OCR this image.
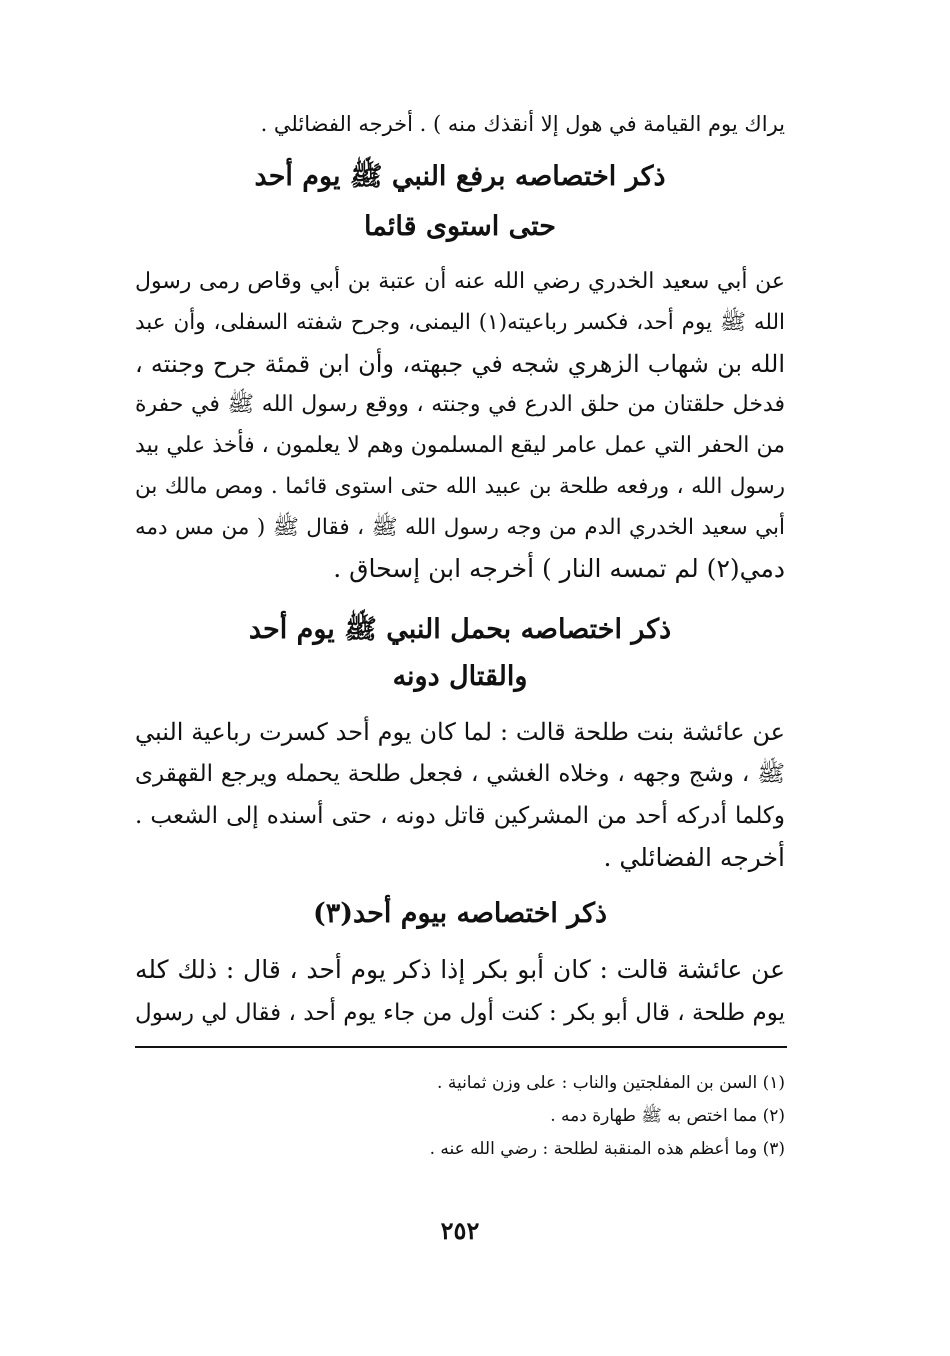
يراك يوم القيامة في هول إلا أنقذك منه ) . أخرجه الفضائلي .
ذكر اختصاصه برفع النبي ﷺ يوم أحد
حتى استوى قائما
عن أبي سعيد الخدري رضي الله عنه أن عتبة بن أبي وقاص رمى رسول
الله ﷺ يوم أحد، فكسر رباعيته(١) اليمنى، وجرح شفته السفلى، وأن عبد
الله بن شهاب الزهري شجه في جبهته، وأن ابن قمئة جرح وجنته ،
فدخل حلقتان من حلق الدرع في وجنته ، ووقع رسول الله ﷺ في حفرة
من الحفر التي عمل عامر ليقع المسلمون وهم لا يعلمون ، فأخذ علي بيد
رسول الله ، ورفعه طلحة بن عبيد الله حتى استوى قائما . ومص مالك بن
أبي سعيد الخدري الدم من وجه رسول الله ﷺ ، فقال ﷺ ( من مس دمه
دمي(٢) لم تمسه النار ) أخرجه ابن إسحاق .
ذكر اختصاصه بحمل النبي ﷺ يوم أحد
والقتال دونه
عن عائشة بنت طلحة قالت : لما كان يوم أحد كسرت رباعية النبي
ﷺ ، وشج وجهه ، وخلاه الغشي ، فجعل طلحة يحمله ويرجع القهقرى
وكلما أدركه أحد من المشركين قاتل دونه ، حتى أسنده إلى الشعب .
أخرجه الفضائلي .
ذكر اختصاصه بيوم أحد(٣)
عن عائشة قالت : كان أبو بكر إذا ذكر يوم أحد ، قال : ذلك كله
يوم طلحة ، قال أبو بكر : كنت أول من جاء يوم أحد ، فقال لي رسول
(١) السن بن المفلجتين والناب : على وزن ثمانية .
(٢) مما اختص به ﷺ طهارة دمه .
(٣) وما أعظم هذه المنقبة لطلحة : رضي الله عنه .
٢٥٢
